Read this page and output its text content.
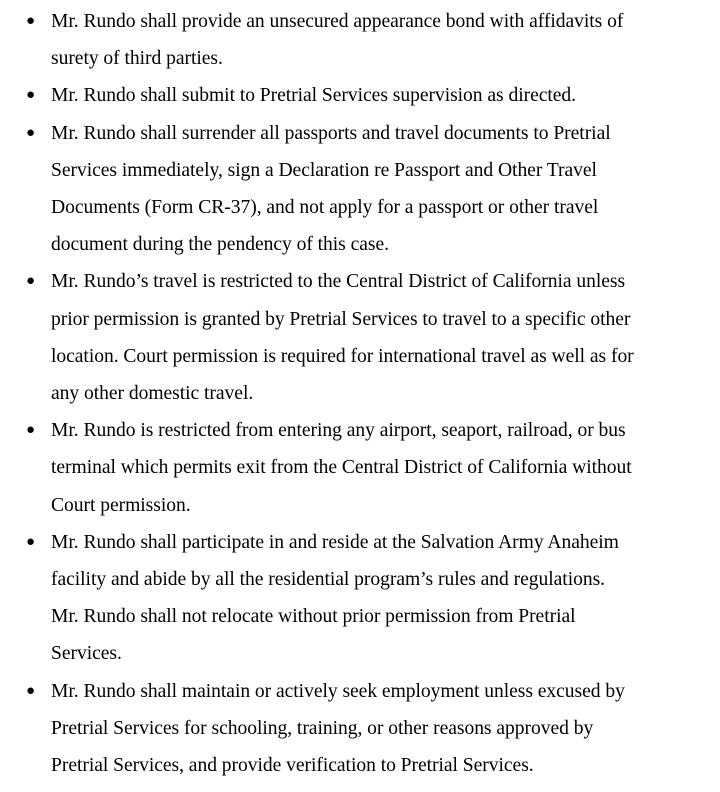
● Mr. Rundo shall provide an unsecured appearance bond with affidavits of
surety of third parties.
● Mr. Rundo shall submit to Pretrial Services supervision as directed.
● Mr. Rundo shall surrender all passports and travel documents to Pretrial
Services immediately, sign a Declaration re Passport and Other Travel
Documents (Form CR-37), and not apply for a passport or other travel
document during the pendency of this case.
● Mr. Rundo’s travel is restricted to the Central District of California unless
prior permission is granted by Pretrial Services to travel to a specific other
location. Court permission is required for international travel as well as for
any other domestic travel.
● Mr. Rundo is restricted from entering any airport, seaport, railroad, or bus
terminal which permits exit from the Central District of California without
Court permission.
● Mr. Rundo shall participate in and reside at the Salvation Army Anaheim
facility and abide by all the residential program’s rules and regulations.
Mr. Rundo shall not relocate without prior permission from Pretrial
Services.
● Mr. Rundo shall maintain or actively seek employment unless excused by
Pretrial Services for schooling, training, or other reasons approved by
Pretrial Services, and provide verification to Pretrial Services.
